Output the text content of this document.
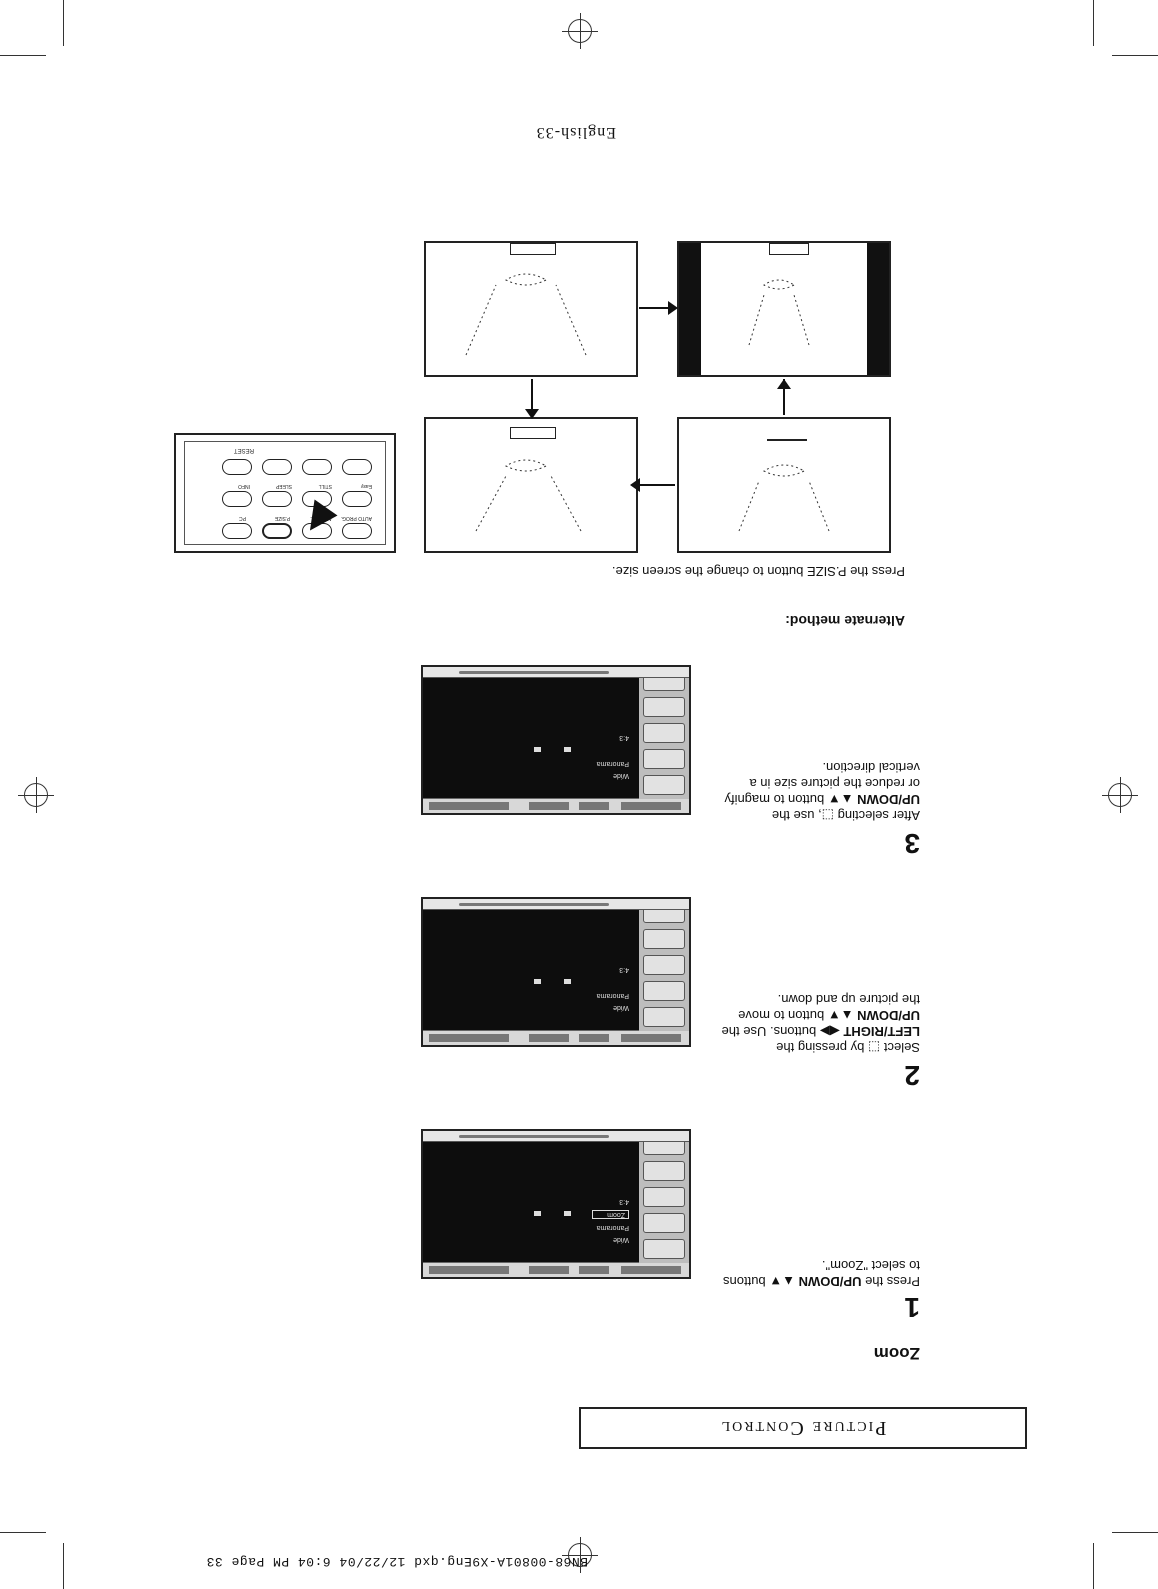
BN68-00801A-X9Eng.qxd 12/22/04 6:04 PM Page 33
Picture Control
Zoom
1
Press the UP/DOWN ▲▼ buttons to select "Zoom".
Wide
Panorama
Zoom
4:3
2
Select ⬚ by pressing the LEFT/RIGHT ◀▶ buttons. Use the UP/DOWN ▲▼ button to move the picture up and down.
Wide
Panorama
4:3
3
After selecting ⬚, use the UP/DOWN ▲▼ button to magnify or reduce the picture size in a vertical direction.
Wide
Panorama
4:3
Alternate method:
Press the P.SIZE button to change the screen size.
AUTO PROG.
ADD/DEL
P.SIZE
PC
Easy
STILL
SLEEP
INFO
RESET
English-33
